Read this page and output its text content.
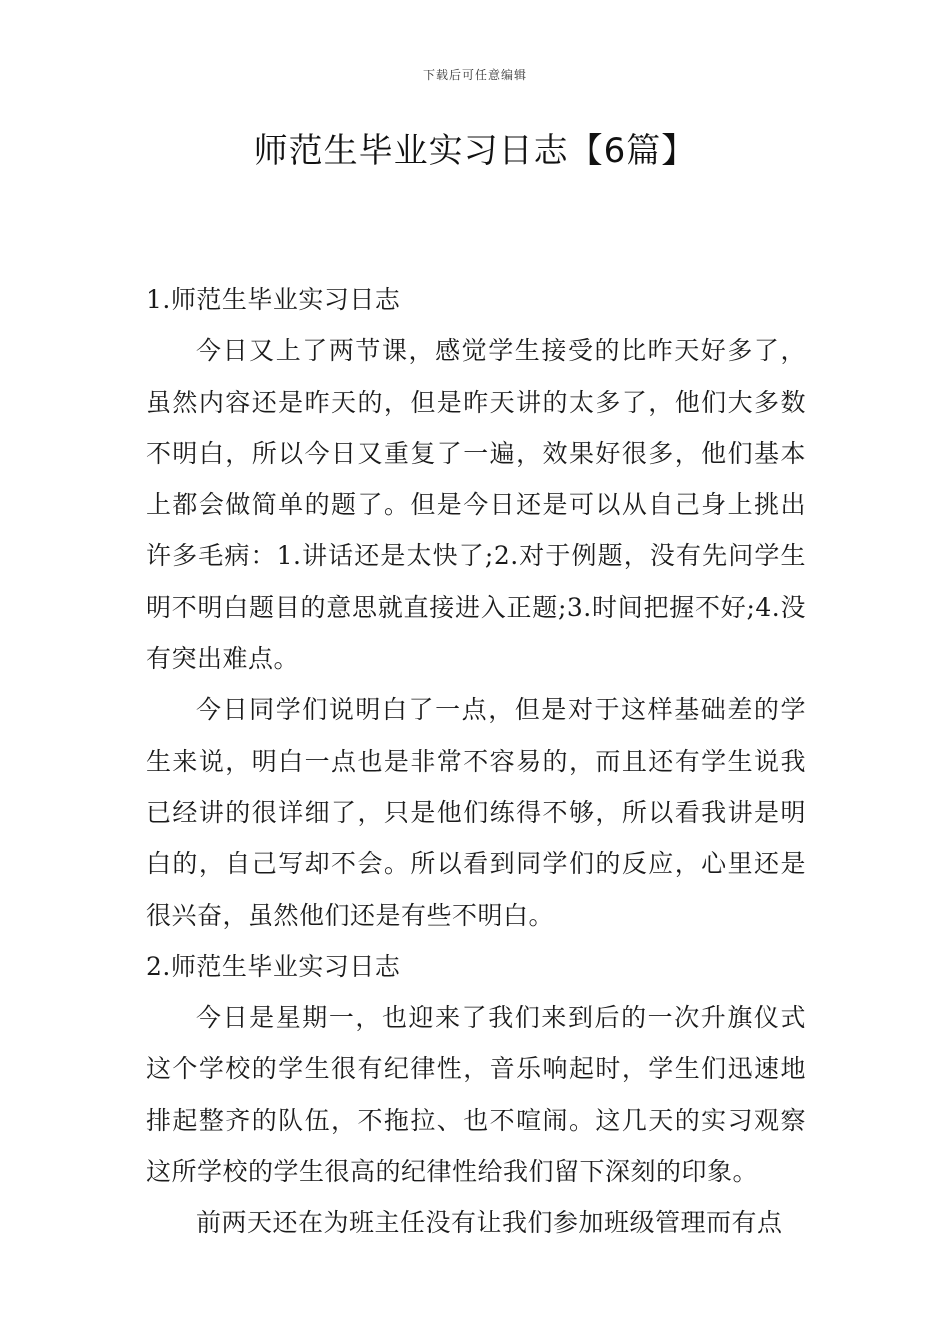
下载后可任意编辑
师范生毕业实习日志【6篇】

1.师范生毕业实习日志

今日又上了两节课，感觉学生接受的比昨天好多了，虽然内容还是昨天的，但是昨天讲的太多了，他们大多数不明白，所以今日又重复了一遍，效果好很多，他们基本上都会做简单的题了。但是今日还是可以从自己身上挑出许多毛病：1.讲话还是太快了;2.对于例题，没有先问学生明不明白题目的意思就直接进入正题;3.时间把握不好;4.没有突出难点。

今日同学们说明白了一点，但是对于这样基础差的学生来说，明白一点也是非常不容易的，而且还有学生说我已经讲的很详细了，只是他们练得不够，所以看我讲是明白的，自己写却不会。所以看到同学们的反应，心里还是很兴奋，虽然他们还是有些不明白。

2.师范生毕业实习日志

今日是星期一，也迎来了我们来到后的一次升旗仪式这个学校的学生很有纪律性，音乐响起时，学生们迅速地排起整齐的队伍，不拖拉、也不喧闹。这几天的实习观察这所学校的学生很高的纪律性给我们留下深刻的印象。

前两天还在为班主任没有让我们参加班级管理而有点
